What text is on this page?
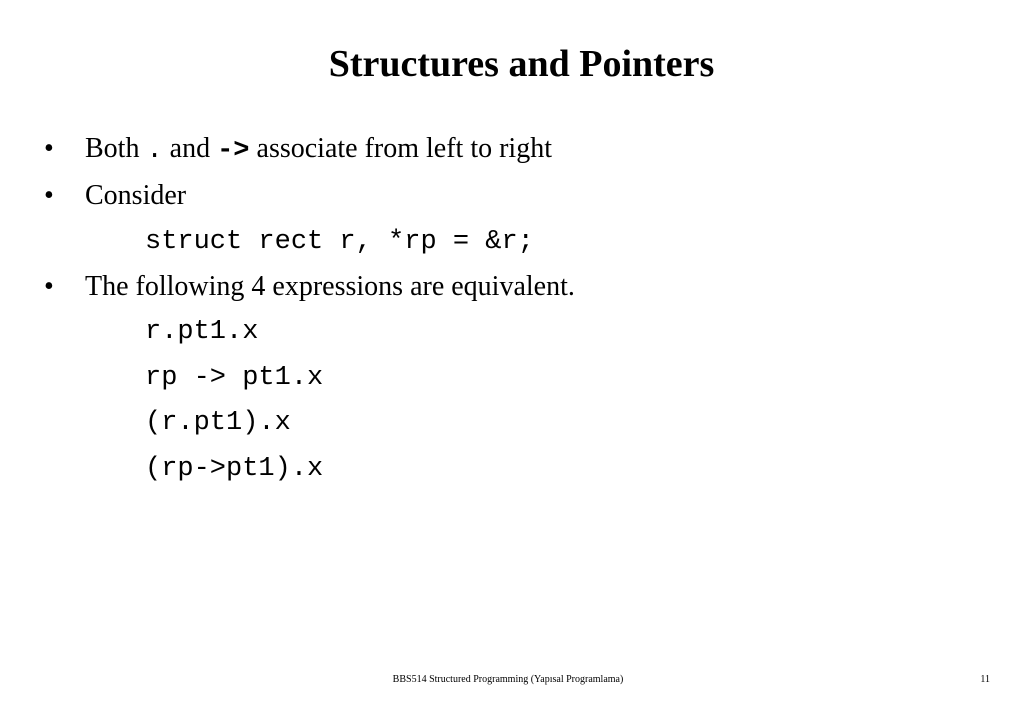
Structures and Pointers
•	Both . and -> associate from left to right
•	Consider
struct rect r, *rp = &r;
•	The following 4 expressions are equivalent.
r.pt1.x
rp -> pt1.x
(r.pt1).x
(rp->pt1).x
BBS514 Structured Programming (Yapısal Programlama)	11
